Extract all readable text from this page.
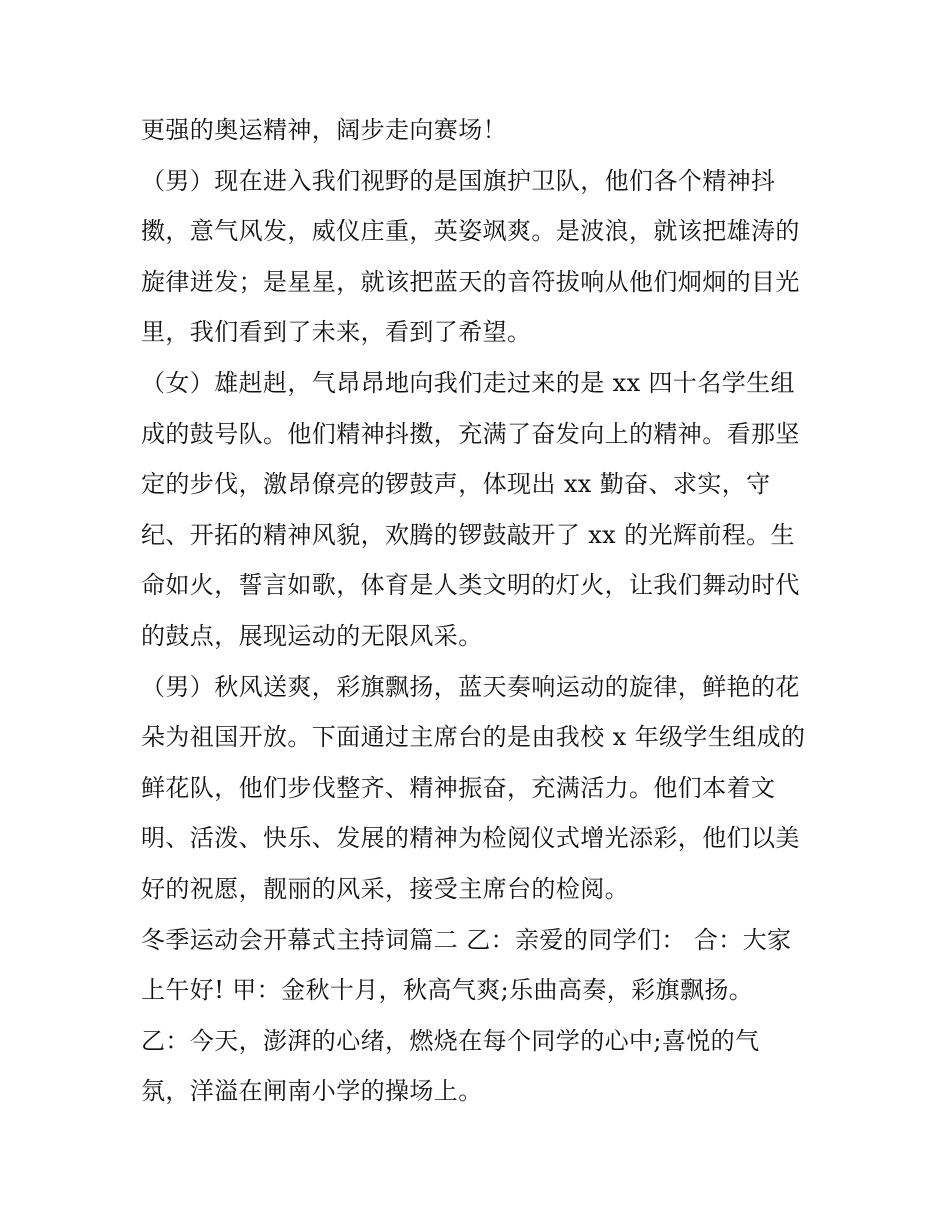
更强的奥运精神，阔步走向赛场！
（男）现在进入我们视野的是国旗护卫队，他们各个精神抖
擞，意气风发，威仪庄重，英姿飒爽。是波浪，就该把雄涛的
旋律迸发；是星星，就该把蓝天的音符拔响从他们炯炯的目光
里，我们看到了未来，看到了希望。
（女）雄赳赳，气昂昂地向我们走过来的是 xx 四十名学生组
成的鼓号队。他们精神抖擞，充满了奋发向上的精神。看那坚
定的步伐，激昂僚亮的锣鼓声，体现出 xx 勤奋、求实，守
纪、开拓的精神风貌，欢腾的锣鼓敲开了 xx 的光辉前程。生
命如火，誓言如歌，体育是人类文明的灯火，让我们舞动时代
的鼓点，展现运动的无限风采。
（男）秋风送爽，彩旗飘扬，蓝天奏响运动的旋律，鲜艳的花
朵为祖国开放。下面通过主席台的是由我校 x 年级学生组成的
鲜花队，他们步伐整齐、精神振奋，充满活力。他们本着文
明、活泼、快乐、发展的精神为检阅仪式增光添彩，他们以美
好的祝愿，靓丽的风采，接受主席台的检阅。
冬季运动会开幕式主持词篇二 乙：亲爱的同学们： 合：大家
上午好! 甲：金秋十月，秋高气爽;乐曲高奏，彩旗飘扬。
乙：今天，澎湃的心绪，燃烧在每个同学的心中;喜悦的气
氛，洋溢在闸南小学的操场上。
